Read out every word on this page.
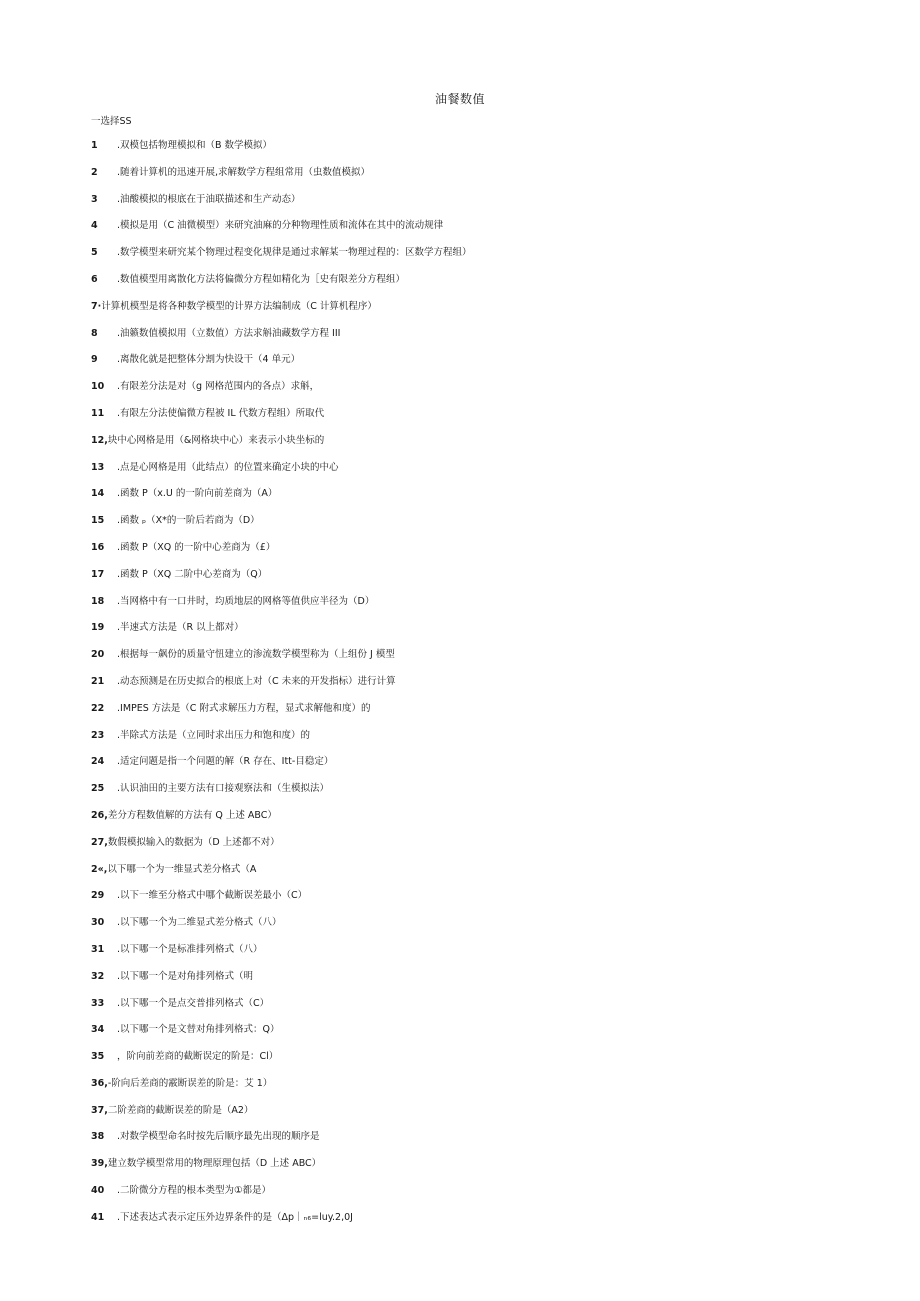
油餐数值
一选择SS
1	.双模包括物理模拟和（B 数学模拟）
2	.随着计算机的迅速开展,求解数学方程组常用（虫数值模拟）
3	.油酸模拟的根底在于油联描述和生产动态）
4	.模拟是用（C 油微模型）来研究油麻的分种物理性质和流体在其中的流动规律
5	.数学模型来研究某个物理过程变化规律是通过求解某一物理过程的：区数学方程组）
6	.数值模型用离散化方法将偏微分方程如精化为［史有限差分方程组）
7· 计算机模型是将各种数学模型的计界方法编制成（C 计算机程序）
8	.油籁数值模拟用（立数值）方法求斛油藏数学方程 III
9	.离散化就是把整体分割为快设干（4 单元）
10	.有限差分法是对（g 网格范围内的各点）求斛，
11	.有限左分法使偏微方程被 IL 代数方程组）所取代
12, 块中心网格是用（&网格块中心）来表示小块坐标的
13	.点是心网格是用（此结点）的位置来确定小块的中心
14	.函数 P（x.U 的一阶向前差商为（A）
15	.函数 ₚ（X*的一阶后若商为（D）
16	.函数 P（XQ 的一阶中心差商为（£）
17	.函数 P（XQ 二阶中心差商为（Q）
18	.当网格中有一口井时，均质地层的网格等值供应半径为（D）
19	.半速式方法是（R 以上都对）
20	.根据每一飙份的质量守忸建立的渗流数学模型称为（上组份 J 模型
21	.动态预测是在历史拟合的根底上对（C 未来的开发指标）进行计算
22	.IMPES 方法是（C 附式求解压力方程，显式求解他和度）的
23	.半除式方法是（立同时求出压力和饱和度）的
24	.适定问题是指一个问题的解（R 存在、Itt-目稳定）
25	.认识油田的主要方法有口接观察法和（生模拟法）
26, 差分方程数值解的方法有 Q 上述 ABC）
27, 数假模拟输入的数据为（D 上述都不对）
2«, 以下哪一个为一维显式差分格式（A
29	.以下一维至分格式中哪个截断误差最小（C）
30	.以下哪一个为二维显式差分格式（八）
31	.以下哪一个是标准排列格式（八）
32	.以下哪一个是对角排列格式（明
33	.以下哪一个是点交普排列格式（C）
34	.以下哪一个是文替对角排列格式：Q）
35	，阶向前差商的截断误定的阶是：Cl）
36, -阶向后差商的霰断误差的阶是：艾 1）
37, 二阶差商的截断误差的阶是（A2）
38	.对数学模型命名时按先后顺序最先出现的顺序是
39, 建立数学模型常用的物理原理包括（D 上述 ABC）
40	.二阶微分方程的根本类型为①都是）
41	.下述表达式表示定压外边界条件的是（Δp｜ₙ₆=luy.2,0J
